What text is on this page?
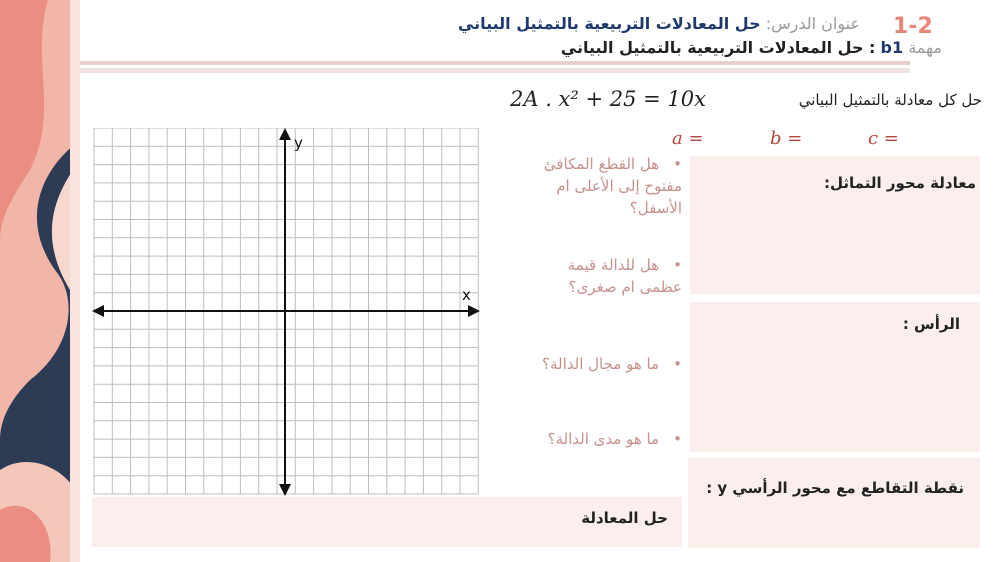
1-2
عنوان الدرس: حل المعادلات التربيعية بالتمثيل البياني
مهمة b1 : حل المعادلات التربيعية بالتمثيل البياني
حل كل معادلة بالتمثيل البياني
2A . x² + 25 = 10x
a =	b =	c =
x
y
•هل القطع المكافئ مفتوح إلى الأعلى ام الأسفل؟
•هل للدالة قيمة عظمى ام صغرى؟
•ما هو مجال الدالة؟
•ما هو مدى الدالة؟
معادلة محور التماثل:
الرأس :
نقطة التقاطع مع محور الرأسي y :
حل المعادلة
